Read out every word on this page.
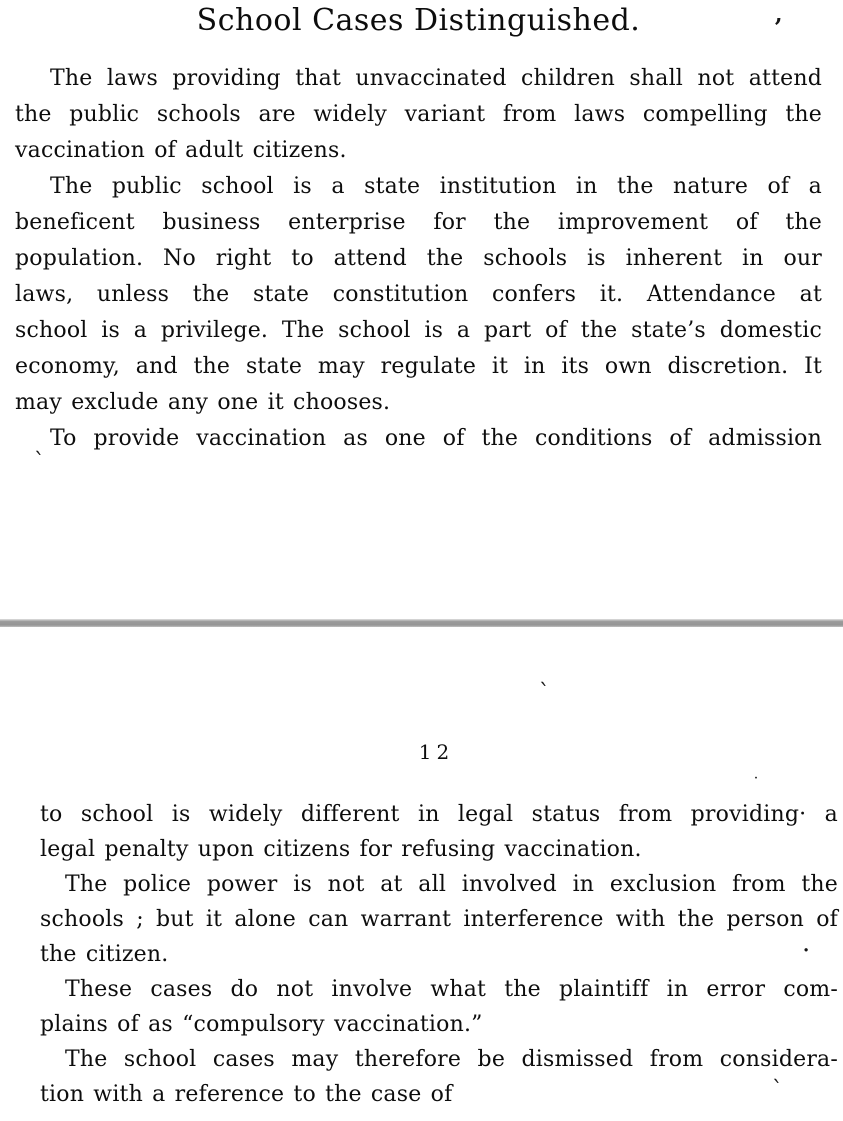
School Cases Distinguished.
The laws providing that unvaccinated children shall not attend
the public schools are widely variant from laws compelling the
vaccination of adult citizens.
The public school is a state institution in the nature of a
beneficent business enterprise for the improvement of the
population. No right to attend the schools is inherent in our
laws, unless the state constitution confers it. Attendance at
school is a privilege. The school is a part of the state’s domestic
economy, and the state may regulate it in its own discretion. It
may exclude any one it chooses.
To provide vaccination as one of the conditions of admission
12
to school is widely different in legal status from providing· a
legal penalty upon citizens for refusing vaccination.
The police power is not at all involved in exclusion from the
schools ; but it alone can warrant interference with the person of
the citizen.
These cases do not involve what the plaintiff in error com-
plains of as “compulsory vaccination.”
The school cases may therefore be dismissed from considera-
tion with a reference to the case of
’
`
`
·
˙
ˋ
